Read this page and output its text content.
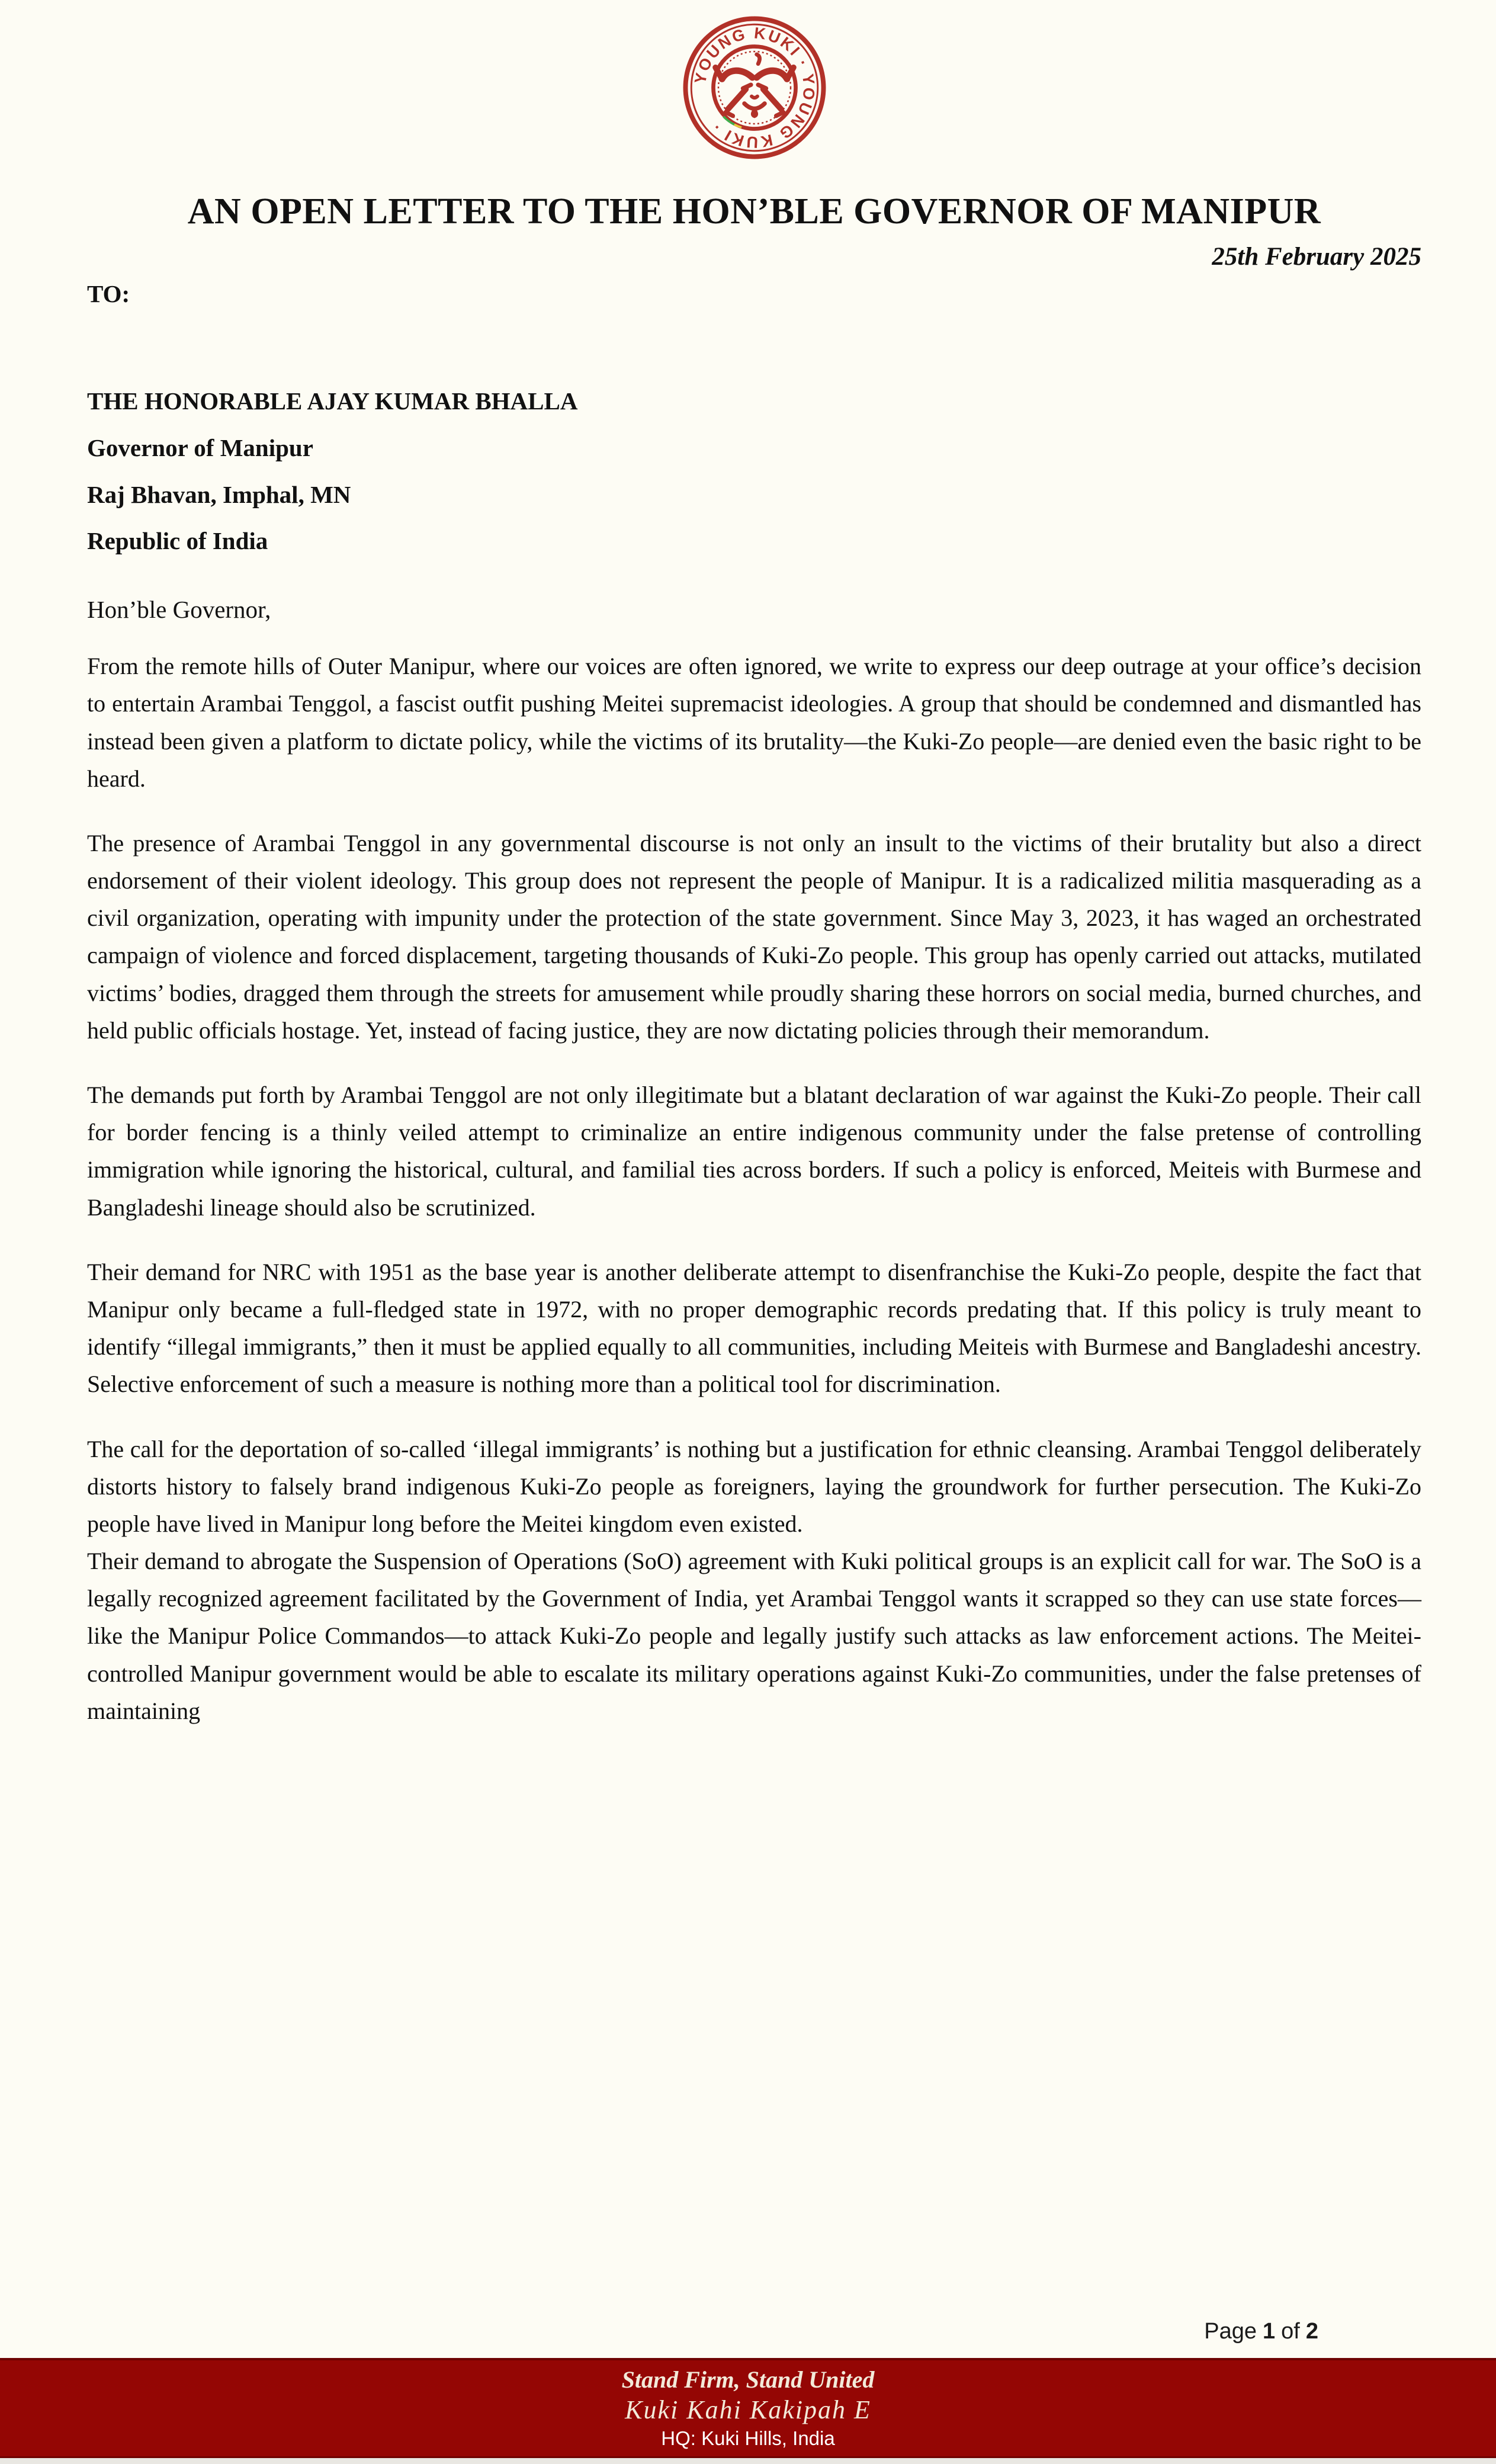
YOUNG KUKI · YOUNG KUKI ·
AN OPEN LETTER TO THE HON’BLE GOVERNOR OF MANIPUR
25th February 2025
TO:
THE HONORABLE AJAY KUMAR BHALLA
Governor of Manipur
Raj Bhavan, Imphal, MN
Republic of India
Hon’ble Governor,

From the remote hills of Outer Manipur, where our voices are often ignored, we write to express our deep outrage at your office’s decision to entertain Arambai Tenggol, a fascist outfit pushing Meitei supremacist ideologies. A group that should be condemned and dismantled has instead been given a platform to dictate policy, while the victims of its brutality—the Kuki-Zo people—are denied even the basic right to be heard.

The presence of Arambai Tenggol in any governmental discourse is not only an insult to the victims of their brutality but also a direct endorsement of their violent ideology. This group does not represent the people of Manipur. It is a radicalized militia masquerading as a civil organization, operating with impunity under the protection of the state government. Since May 3, 2023, it has waged an orchestrated campaign of violence and forced displacement, targeting thousands of Kuki-Zo people. This group has openly carried out attacks, mutilated victims’ bodies, dragged them through the streets for amusement while proudly sharing these horrors on social media, burned churches, and held public officials hostage. Yet, instead of facing justice, they are now dictating policies through their memorandum.

The demands put forth by Arambai Tenggol are not only illegitimate but a blatant declaration of war against the Kuki-Zo people. Their call for border fencing is a thinly veiled attempt to criminalize an entire indigenous community under the false pretense of controlling immigration while ignoring the historical, cultural, and familial ties across borders. If such a policy is enforced, Meiteis with Burmese and Bangladeshi lineage should also be scrutinized.

Their demand for NRC with 1951 as the base year is another deliberate attempt to disenfranchise the Kuki-Zo people, despite the fact that Manipur only became a full-fledged state in 1972, with no proper demographic records predating that. If this policy is truly meant to identify “illegal immigrants,” then it must be applied equally to all communities, including Meiteis with Burmese and Bangladeshi ancestry. Selective enforcement of such a measure is nothing more than a political tool for discrimination.

The call for the deportation of so-called ‘illegal immigrants’ is nothing but a justification for ethnic cleansing. Arambai Tenggol deliberately distorts history to falsely brand indigenous Kuki-Zo people as foreigners, laying the groundwork for further persecution. The Kuki-Zo people have lived in Manipur long before the Meitei kingdom even existed.

Their demand to abrogate the Suspension of Operations (SoO) agreement with Kuki political groups is an explicit call for war. The SoO is a legally recognized agreement facilitated by the Government of India, yet Arambai Tenggol wants it scrapped so they can use state forces—like the Manipur Police Commandos—to attack Kuki-Zo people and legally justify such attacks as law enforcement actions. The Meitei-controlled Manipur government would be able to escalate its military operations against Kuki-Zo communities, under the false pretenses of maintaining

Page 1 of 2
Stand Firm, Stand United
Kuki Kahi Kakipah E
HQ: Kuki Hills, India
